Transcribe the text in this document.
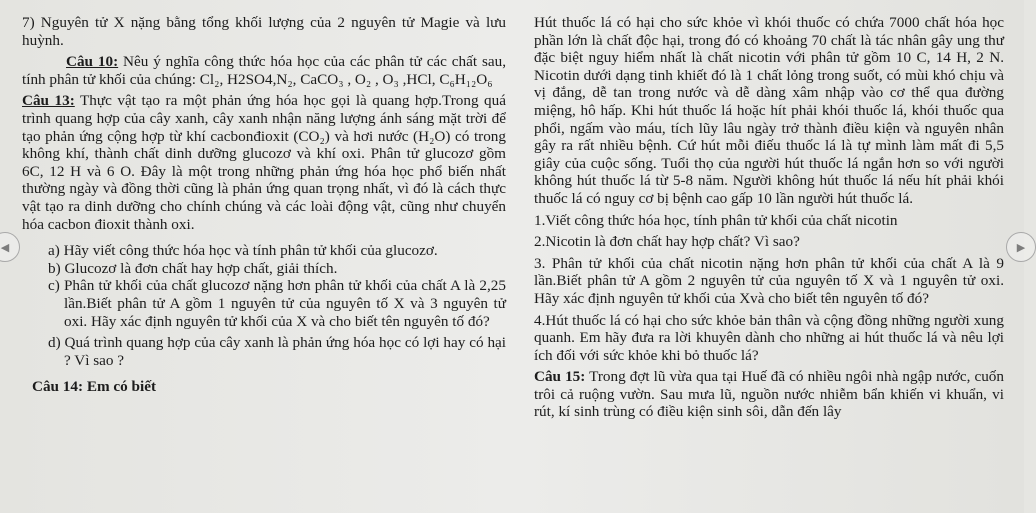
7) Nguyên tử X nặng bằng tổng khối lượng của 2 nguyên tử Magie và lưu huỳnh.

Câu 10: Nêu ý nghĩa công thức hóa học của các phân tử các chất sau, tính phân tử khối của chúng: Cl₂, H2SO4,N₂, CaCO₃ , O₂ , O₃ ,HCl, C₆H₁₂O₆

Câu 13: Thực vật tạo ra một phản ứng hóa học gọi là quang hợp.Trong quá trình quang hợp của cây xanh, cây xanh nhận năng lượng ánh sáng mặt trời để tạo phản ứng cộng hợp từ khí cacbonđioxit (CO₂) và hơi nước (H₂O) có trong không khí, thành chất dinh dưỡng glucozơ và khí oxi. Phân tử glucozơ gồm 6C, 12 H và 6 O. Đây là một trong những phản ứng hóa học phổ biến nhất thường ngày và đồng thời cũng là phản ứng quan trọng nhất, vì đó là cách thực vật tạo ra dinh dưỡng cho chính chúng và các loài động vật, cũng như chuyển hóa cacbon đioxit thành oxi.

a) Hãy viết công thức hóa học và tính phân tử khối của glucozơ.

b) Glucozơ là đơn chất hay hợp chất, giải thích.

c) Phân tử khối của chất glucozơ nặng hơn phân tử khối của chất A là 2,25 lần.Biết phân tử A gồm 1 nguyên tử của nguyên tố X và 3 nguyên tử oxi. Hãy xác định nguyên tử khối của X và cho biết tên nguyên tố đó?

d) Quá trình quang hợp của cây xanh là phản ứng hóa học có lợi hay có hại ? Vì sao ?

Câu 14: Em có biết

Hút thuốc lá có hại cho sức khỏe vì khói thuốc có chứa 7000 chất hóa học phần lớn là chất độc hại, trong đó có khoảng 70 chất là tác nhân gây ung thư đặc biệt nguy hiểm nhất là chất nicotin với phân tử gồm 10 C, 14 H, 2 N. Nicotin dưới dạng tinh khiết đó là 1 chất lỏng trong suốt, có mùi khó chịu và vị đắng, dễ tan trong nước và dễ dàng xâm nhập vào cơ thể qua đường miệng, hô hấp. Khi hút thuốc lá hoặc hít phải khói thuốc lá, khói thuốc qua phổi, ngấm vào máu, tích lũy lâu ngày trở thành điều kiện và nguyên nhân gây ra rất nhiều bệnh. Cứ hút mỗi điếu thuốc lá là tự mình làm mất đi 5,5 giây của cuộc sống. Tuổi thọ của người hút thuốc lá ngắn hơn so với người không hút thuốc lá từ 5-8 năm. Người không hút thuốc lá nếu hít phải khói thuốc lá có nguy cơ bị bệnh cao gấp 10 lần người hút thuốc lá.

1.Viết công thức hóa học, tính phân tử khối của chất nicotin

2.Nicotin là đơn chất hay hợp chất? Vì sao?

3. Phân tử khối của chất nicotin nặng hơn phân tử khối của chất A là 9 lần.Biết phân tử A gồm 2 nguyên tử của nguyên tố X và 1 nguyên tử oxi. Hãy xác định nguyên tử khối của Xvà cho biết tên nguyên tố đó?

4.Hút thuốc lá có hại cho sức khỏe bản thân và cộng đồng những người xung quanh. Em hãy đưa ra lời khuyên dành cho những ai hút thuốc lá và nêu lợi ích đối với sức khỏe khi bỏ thuốc lá?

Câu 15: Trong đợt lũ vừa qua tại Huế đã có nhiều ngôi nhà ngập nước, cuốn trôi cả ruộng vườn. Sau mưa lũ, nguồn nước nhiễm bẩn khiến vi khuẩn, vi rút, kí sinh trùng có điều kiện sinh sôi, dẫn đến lây

◀	▶
